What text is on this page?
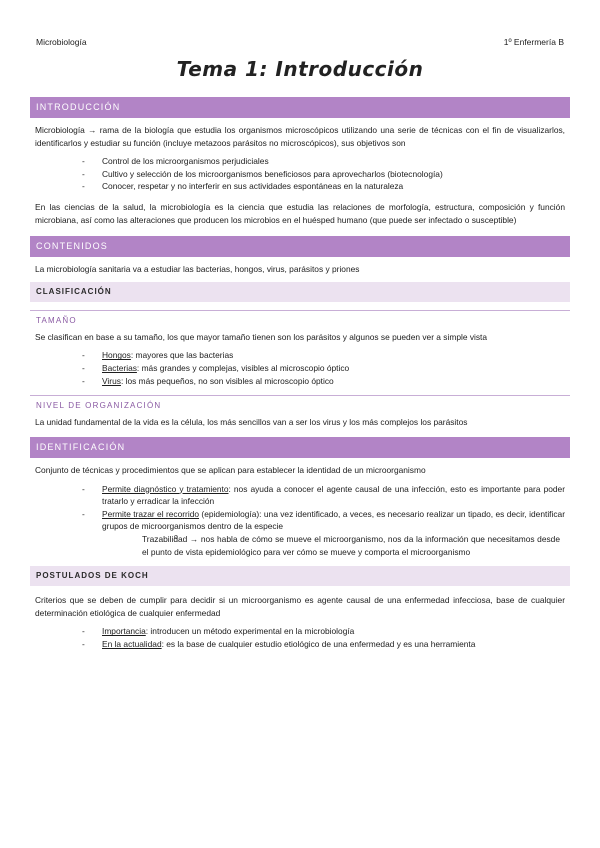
Microbiología	1º Enfermería B
Tema 1: Introducción
INTRODUCCIÓN

Microbiología → rama de la biología que estudia los organismos microscópicos utilizando una serie de técnicas con el fin de visualizarlos, identificarlos y estudiar su función (incluye metazoos parásitos no microscópicos), sus objetivos son

- Control de los microorganismos perjudiciales
- Cultivo y selección de los microorganismos beneficiosos para aprovecharlos (biotecnología)
- Conocer, respetar y no interferir en sus actividades espontáneas en la naturaleza

En las ciencias de la salud, la microbiología es la ciencia que estudia las relaciones de morfología, estructura, composición y función microbiana, así como las alteraciones que producen los microbios en el huésped humano (que puede ser infectado o susceptible)

CONTENIDOS

La microbiología sanitaria va a estudiar las bacterias, hongos, virus, parásitos y priones

CLASIFICACIÓN
TAMAÑO

Se clasifican en base a su tamaño, los que mayor tamaño tienen son los parásitos y algunos se pueden ver a simple vista

- Hongos: mayores que las bacterias
- Bacterias: más grandes y complejas, visibles al microscopio óptico
- Virus: los más pequeños, no son visibles al microscopio óptico
NIVEL DE ORGANIZACIÓN

La unidad fundamental de la vida es la célula, los más sencillos van a ser los virus y los más complejos los parásitos

IDENTIFICACIÓN

Conjunto de técnicas y procedimientos que se aplican para establecer la identidad de un microorganismo

- Permite diagnóstico y tratamiento: nos ayuda a conocer el agente causal de una infección, esto es importante para poder tratarlo y erradicar la infección
- Permite trazar el recorrido (epidemiología): una vez identificado, a veces, es necesario realizar un tipado, es decir, identificar grupos de microorganismos dentro de la especie
o Trazabilidad → nos habla de cómo se mueve el microorganismo, nos da la información que necesitamos desde el punto de vista epidemiológico para ver cómo se mueve y comporta el microorganismo
POSTULADOS DE KOCH

Criterios que se deben de cumplir para decidir si un microorganismo es agente causal de una enfermedad infecciosa, base de cualquier determinación etiológica de cualquier enfermedad

- Importancia: introducen un método experimental en la microbiología
- En la actualidad: es la base de cualquier estudio etiológico de una enfermedad y es una herramienta
